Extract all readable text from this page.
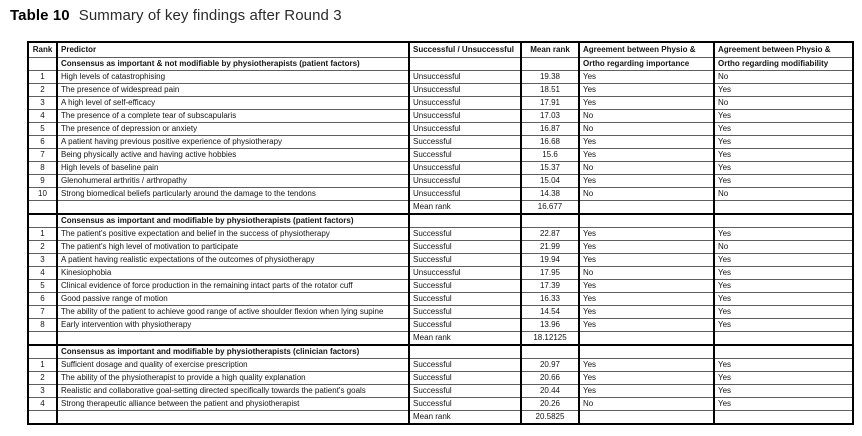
Table 10 Summary of key findings after Round 3
Rank	Predictor	Successful / Unsuccessful	Mean rank	Agreement between Physio &	Agreement between Physio &
	Consensus as important & not modifiable by physiotherapists (patient factors)			Ortho regarding importance	Ortho regarding modifiability
1	High levels of catastrophising	Unsuccessful	19.38	Yes	No
2	The presence of widespread pain	Unsuccessful	18.51	Yes	Yes
3	A high level of self-efficacy	Unsuccessful	17.91	Yes	No
4	The presence of a complete tear of subscapularis	Unsuccessful	17.03	No	Yes
5	The presence of depression or anxiety	Unsuccessful	16.87	No	Yes
6	A patient having previous positive experience of physiotherapy	Successful	16.68	Yes	Yes
7	Being physically active and having active hobbies	Successful	15.6	Yes	Yes
8	High levels of baseline pain	Unsuccessful	15.37	No	Yes
9	Glenohumeral arthritis / arthropathy	Unsuccessful	15.04	Yes	Yes
10	Strong biomedical beliefs particularly around the damage to the tendons	Unsuccessful	14.38	No	No
		Mean rank	16.677		
	Consensus as important and modifiable by physiotherapists (patient factors)				
1	The patient's positive expectation and belief in the success of physiotherapy	Successful	22.87	Yes	Yes
2	The patient's high level of motivation to participate	Successful	21.99	Yes	No
3	A patient having realistic expectations of the outcomes of physiotherapy	Successful	19.94	Yes	Yes
4	Kinesiophobia	Unsuccessful	17.95	No	Yes
5	Clinical evidence of force production in the remaining intact parts of the rotator cuff	Successful	17.39	Yes	Yes
6	Good passive range of motion	Successful	16.33	Yes	Yes
7	The ability of the patient to achieve good range of active shoulder flexion when lying supine	Successful	14.54	Yes	Yes
8	Early intervention with physiotherapy	Successful	13.96	Yes	Yes
		Mean rank	18.12125		
	Consensus as important and modifiable by physiotherapists (clinician factors)				
1	Sufficient dosage and quality of exercise prescription	Successful	20.97	Yes	Yes
2	The ability of the physiotherapist to provide a high quality explanation	Successful	20.66	Yes	Yes
3	Realistic and collaborative goal-setting directed specifically towards the patient's goals	Successful	20.44	Yes	Yes
4	Strong therapeutic alliance between the patient and physiotherapist	Successful	20.26	No	Yes
		Mean rank	20.5825		
